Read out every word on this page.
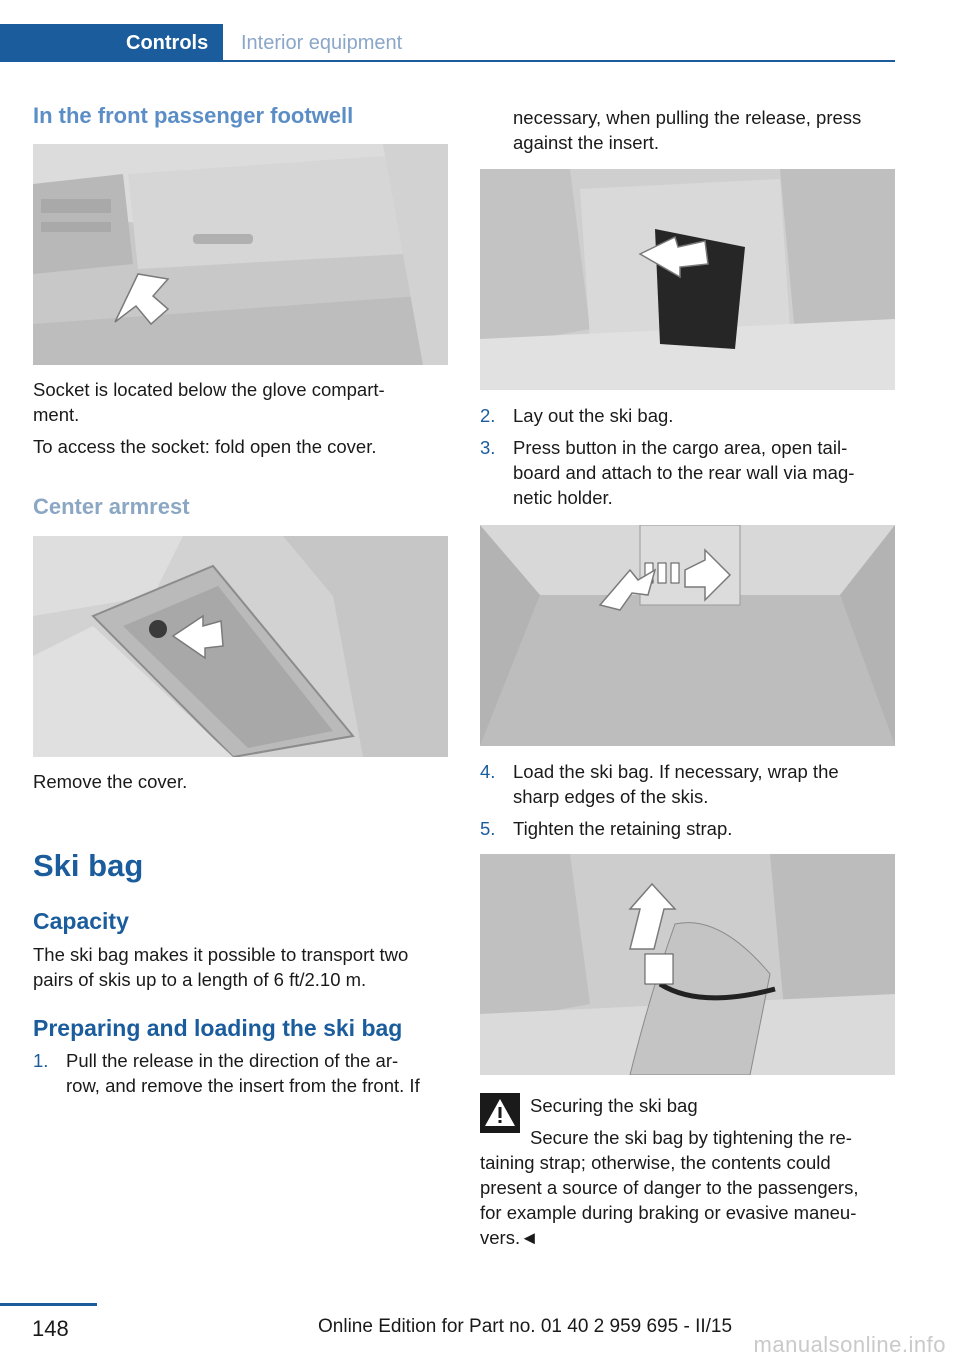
Controls Interior equipment
In the front passenger footwell
Socket is located below the glove compart‐
ment.
To access the socket: fold open the cover.
Center armrest
Remove the cover.
Ski bag
Capacity
The ski bag makes it possible to transport two
pairs of skis up to a length of 6 ft/2.10 m.
Preparing and loading the ski bag
1. Pull the release in the direction of the ar‐
row, and remove the insert from the front. If
necessary, when pulling the release, press
against the insert.
2. Lay out the ski bag.
3. Press button in the cargo area, open tail‐
board and attach to the rear wall via mag‐
netic holder.
4. Load the ski bag. If necessary, wrap the
sharp edges of the skis.
5. Tighten the retaining strap.
Securing the ski bag
Secure the ski bag by tightening the re‐
taining strap; otherwise, the contents could
present a source of danger to the passengers,
for example during braking or evasive maneu‐
vers.◄
148	Online Edition for Part no. 01 40 2 959 695 - II/15
manualsonline.info
